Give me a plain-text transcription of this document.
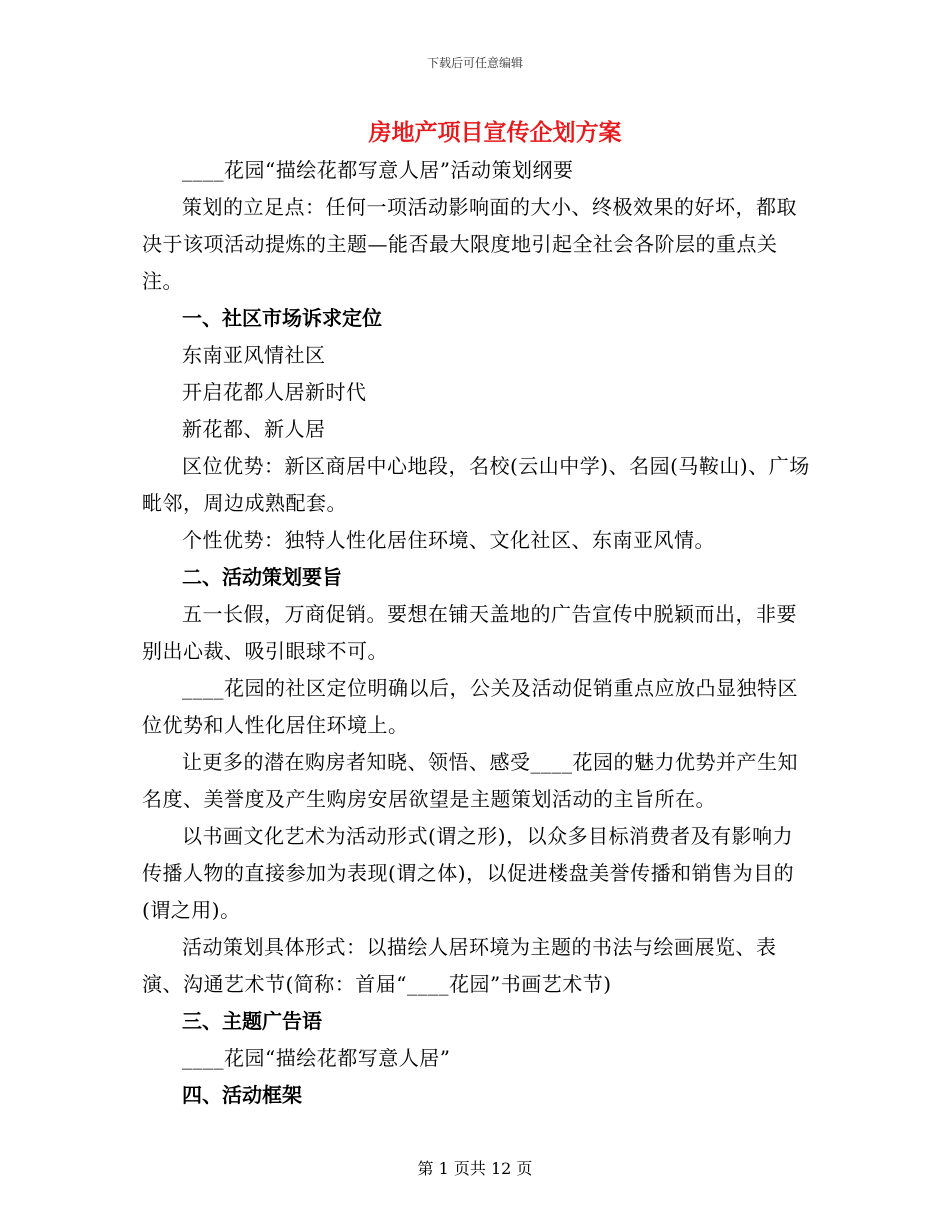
下载后可任意编辑
房地产项目宣传企划方案

____花园“描绘花都写意人居”活动策划纲要

策划的立足点：任何一项活动影响面的大小、终极效果的好坏，都取决于该项活动提炼的主题—能否最大限度地引起全社会各阶层的重点关注。

一、社区市场诉求定位

东南亚风情社区

开启花都人居新时代

新花都、新人居

区位优势：新区商居中心地段，名校(云山中学)、名园(马鞍山)、广场毗邻，周边成熟配套。

个性优势：独特人性化居住环境、文化社区、东南亚风情。

二、活动策划要旨

五一长假，万商促销。要想在铺天盖地的广告宣传中脱颖而出，非要别出心裁、吸引眼球不可。

____花园的社区定位明确以后，公关及活动促销重点应放凸显独特区位优势和人性化居住环境上。

让更多的潜在购房者知晓、领悟、感受____花园的魅力优势并产生知名度、美誉度及产生购房安居欲望是主题策划活动的主旨所在。

以书画文化艺术为活动形式(谓之形)，以众多目标消费者及有影响力传播人物的直接参加为表现(谓之体)，以促进楼盘美誉传播和销售为目的(谓之用)。

活动策划具体形式：以描绘人居环境为主题的书法与绘画展览、表演、沟通艺术节(简称：首届“____花园”书画艺术节)

三、主题广告语

____花园“描绘花都写意人居”

四、活动框架

第 1 页共 12 页
